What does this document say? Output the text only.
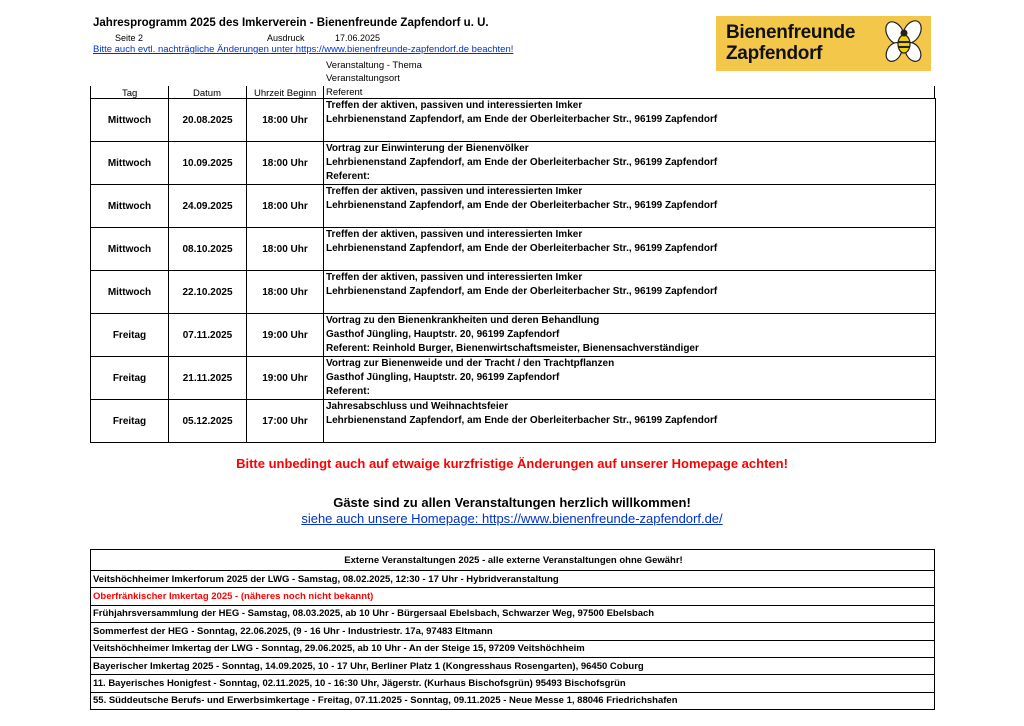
Jahresprogramm 2025 des Imkerverein - Bienenfreunde Zapfendorf u. U.
Seite 2	Ausdruck	17.06.2025
Bitte auch evtl. nachträgliche Änderungen unter https://www.bienenfreunde-zapfendorf.de beachten!
Bienenfreunde
Zapfendorf
Tag	Datum	Uhrzeit Beginn
Veranstaltung - Thema
Veranstaltungsort
Referent
Mittwoch	20.08.2025	18:00 Uhr	Treffen der aktiven, passiven und interessierten Imker
Lehrbienenstand Zapfendorf, am Ende der Oberleiterbacher Str., 96199 Zapfendorf

Mittwoch	10.09.2025	18:00 Uhr	Vortrag zur Einwinterung der Bienenvölker
Lehrbienenstand Zapfendorf, am Ende der Oberleiterbacher Str., 96199 Zapfendorf
Referent:

Mittwoch	24.09.2025	18:00 Uhr	Treffen der aktiven, passiven und interessierten Imker
Lehrbienenstand Zapfendorf, am Ende der Oberleiterbacher Str., 96199 Zapfendorf

Mittwoch	08.10.2025	18:00 Uhr	Treffen der aktiven, passiven und interessierten Imker
Lehrbienenstand Zapfendorf, am Ende der Oberleiterbacher Str., 96199 Zapfendorf

Mittwoch	22.10.2025	18:00 Uhr	Treffen der aktiven, passiven und interessierten Imker
Lehrbienenstand Zapfendorf, am Ende der Oberleiterbacher Str., 96199 Zapfendorf

Freitag	07.11.2025	19:00 Uhr	Vortrag zu den Bienenkrankheiten und deren Behandlung
Gasthof Jüngling, Hauptstr. 20, 96199 Zapfendorf
Referent: Reinhold Burger, Bienenwirtschaftsmeister, Bienensachverständiger

Freitag	21.11.2025	19:00 Uhr	Vortrag zur Bienenweide und der Tracht / den Trachtpflanzen
Gasthof Jüngling, Hauptstr. 20, 96199 Zapfendorf
Referent:

Freitag	05.12.2025	17:00 Uhr	Jahresabschluss und Weihnachtsfeier
Lehrbienenstand Zapfendorf, am Ende der Oberleiterbacher Str., 96199 Zapfendorf
Bitte unbedingt auch auf etwaige kurzfristige Änderungen auf unserer Homepage achten!
Gäste sind zu allen Veranstaltungen herzlich willkommen!
siehe auch unsere Homepage: https://www.bienenfreunde-zapfendorf.de/
Externe Veranstaltungen 2025 - alle externe Veranstaltungen ohne Gewähr!
Veitshöchheimer Imkerforum 2025 der LWG - Samstag, 08.02.2025, 12:30 - 17 Uhr - Hybridveranstaltung
Oberfränkischer Imkertag 2025 - (näheres noch nicht bekannt)
Frühjahrsversammlung der HEG - Samstag, 08.03.2025, ab 10 Uhr - Bürgersaal Ebelsbach, Schwarzer Weg, 97500 Ebelsbach
Sommerfest der HEG - Sonntag, 22.06.2025, (9 - 16 Uhr - Industriestr. 17a, 97483 Eltmann
Veitshöchheimer Imkertag der LWG - Sonntag, 29.06.2025, ab 10 Uhr - An der Steige 15, 97209 Veitshöchheim
Bayerischer Imkertag 2025 - Sonntag, 14.09.2025, 10 - 17 Uhr, Berliner Platz 1 (Kongresshaus Rosengarten), 96450 Coburg
11. Bayerisches Honigfest - Sonntag, 02.11.2025, 10 - 16:30 Uhr, Jägerstr. (Kurhaus Bischofsgrün) 95493 Bischofsgrün
55. Süddeutsche Berufs- und Erwerbsimkertage - Freitag, 07.11.2025 - Sonntag, 09.11.2025 - Neue Messe 1, 88046 Friedrichshafen
